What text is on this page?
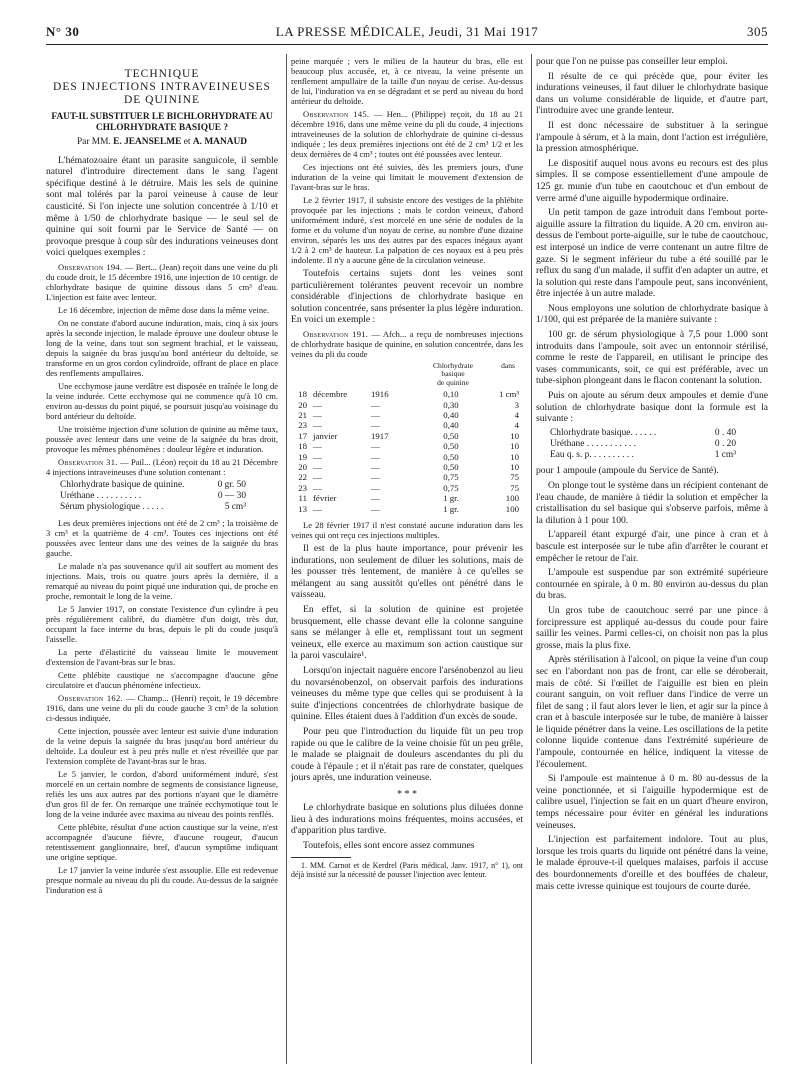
N° 30	LA PRESSE MÉDICALE, Jeudi, 31 Mai 1917	305
TECHNIQUE
DES INJECTIONS INTRAVEINEUSES
DE QUININE
FAUT-IL SUBSTITUER LE BICHLORHYDRATE AU CHLORHYDRATE BASIQUE ?
Par MM. E. JEANSELME et A. MANAUD

L'hématozoaire étant un parasite sanguicole, il semble naturel d'introduire directement dans le sang l'agent spécifique destiné à le détruire. Mais les sels de quinine sont mal tolérés par la paroi veineuse à cause de leur causticité. Si l'on injecte une solution concentrée à 1/10 et même à 1/50 de chlorhydrate basique — le seul sel de quinine qui soit fourni par le Service de Santé — on provoque presque à coup sûr des indurations veineuses dont voici quelques exemples :

Observation 194. — Bert... (Jean) reçoit dans une veine du pli du coude droit, le 15 décembre 1916, une injection de 10 centigr. de chlorhydrate basique de quinine dissous dans 5 cm³ d'eau. L'injection est faite avec lenteur.

Le 16 décembre, injection de même dose dans la même veine.

On ne constate d'abord aucune induration, mais, cinq à six jours après la seconde injection, le malade éprouve une douleur obtuse le long de la veine, dans tout son segment brachial, et le vaisseau, depuis la saignée du bras jusqu'au bord antérieur du deltoïde, se transforme en un gros cordon cylindroïde, offrant de place en place des renflements ampullaires.

Une ecchymose jaune verdâtre est disposée en traînée le long de la veine indurée. Cette ecchymose qui ne commence qu'à 10 cm. environ au-dessus du point piqué, se poursuit jusqu'au voisinage du bord antérieur du deltoïde.

Une troisième injection d'une solution de quinine au même taux, poussée avec lenteur dans une veine de la saignée du bras droit, provoque les mêmes phénomènes : douleur légère et induration.

Observation 31. — Pail... (Léon) reçoit du 18 au 21 Décembre 4 injections intraveineuses d'une solution contenant :

Chlorhydrate basique de quinine.	0 gr. 50
Uréthane . . . . . . . . . .	0 — 30
Sérum physiologique . . . . .	5 cm³

Les deux premières injections ont été de 2 cm³ ; la troisième de 3 cm³ et la quatrième de 4 cm³. Toutes ces injections ont été poussées avec lenteur dans une des veines de la saignée du bras gauche.

Le malade n'a pas souvenance qu'il ait souffert au moment des injections. Mais, trois ou quatre jours après la dernière, il a remarqué au niveau du point piqué une induration qui, de proche en proche, remontait le long de la veine.

Le 5 Janvier 1917, on constate l'existence d'un cylindre à peu près régulièrement calibré, du diamètre d'un doigt, très dur, occupant la face interne du bras, depuis le pli du coude jusqu'à l'aisselle.

La perte d'élasticité du vaisseau limite le mouvement d'extension de l'avant-bras sur le bras.

Cette phlébite caustique ne s'accompagne d'aucune gêne circulatoire et d'aucun phénomène infectieux.

Observation 162. — Champ... (Henri) reçoit, le 19 décembre 1916, dans une veine du pli du coude gauche 3 cm³ de la solution ci-dessus indiquée.

Cette injection, poussée avec lenteur est suivie d'une induration de la veine depuis la saignée du bras jusqu'au bord antérieur du deltoïde. La douleur est à peu près nulle et n'est réveillée que par l'extension complète de l'avant-bras sur le bras.

Le 5 janvier, le cordon, d'abord uniformément induré, s'est morcelé en un certain nombre de segments de consistance ligneuse, reliés les uns aux autres par des portions n'ayant que le diamètre d'un gros fil de fer. On remarque une traînée ecchymotique tout le long de la veine indurée avec maxima au niveau des points renflés.

Cette phlébite, résultat d'une action caustique sur la veine, n'est accompagnée d'aucune fièvre, d'aucune rougeur, d'aucun retentissement ganglionnaire, bref, d'aucun symptôme indiquant une origine septique.

Le 17 janvier la veine indurée s'est assouplie. Elle est redevenue presque normale au niveau du pli du coude. Au-dessus de la saignée l'induration est à

peine marquée ; vers le milieu de la hauteur du bras, elle est beaucoup plus accusée, et, à ce niveau, la veine présente un renflement ampullaire de la taille d'un noyau de cerise. Au-dessus de lui, l'induration va en se dégradant et se perd au niveau du bord antérieur du deltoïde.

Observation 145. — Hen... (Philippe) reçoit, du 18 au 21 décembre 1916, dans une même veine du pli du coude, 4 injections intraveineuses de la solution de chlorhydrate de quinine ci-dessus indiquée ; les deux premières injections ont été de 2 cm³ 1/2 et les deux dernières de 4 cm³ ; toutes ont été poussées avec lenteur.

Ces injections ont été suivies, dès les premiers jours, d'une induration de la veine qui limitait le mouvement d'extension de l'avant-bras sur le bras.

Le 2 février 1917, il subsiste encore des vestiges de la phlébite provoquée par les injections ; mais le cordon veineux, d'abord uniformément induré, s'est morcelé en une série de nodules de la forme et du volume d'un noyau de cerise, au nombre d'une dizaine environ, séparés les uns des autres par des espaces inégaux ayant 1/2 à 2 cm³ de hauteur. La palpation de ces noyaux est à peu près indolente. Il n'y a aucune gêne de la circulation veineuse.

Toutefois certains sujets dont les veines sont particulièrement tolérantes peuvent recevoir un nombre considérable d'injections de chlorhydrate basique en solution concentrée, sans présenter la plus légère induration. En voici un exemple :

Observation 191. — Afch... a reçu de nombreuses injections de chlorhydrate basique de quinine, en solution concentrée, dans les veines du pli du coude

Chlorhydrate basique
de quinine
dans
18 décembre	1916	0,10	1 cm³
20 —	—	0,30	3
21 —	—	0,40	4
23 —	—	0,40	4
17 janvier	1917	0,50	10
18 —	—	0,50	10
19 —	—	0,50	10
20 —	—	0,50	10
22 —	—	0,75	75
23 —	—	0,75	75
11 février	—	1 gr.	100
13 —	—	1 gr.	100

Le 28 février 1917 il n'est constaté aucune induration dans les veines qui ont reçu ces injections multiples.

Il est de la plus haute importance, pour prévenir les indurations, non seulement de diluer les solutions, mais de les pousser très lentement, de manière à ce qu'elles se mélangent au sang aussitôt qu'elles ont pénétré dans le vaisseau.

En effet, si la solution de quinine est projetée brusquement, elle chasse devant elle la colonne sanguine sans se mélanger à elle et, remplissant tout un segment veineux, elle exerce au maximum son action caustique sur la paroi vasculaire¹.

Lorsqu'on injectait naguère encore l'arsénobenzol au lieu du novarsénobenzol, on observait parfois des indurations veineuses du même type que celles qui se produisent à la suite d'injections concentrées de chlorhydrate basique de quinine. Elles étaient dues à l'addition d'un excès de soude.

Pour peu que l'introduction du liquide fût un peu trop rapide ou que le calibre de la veine choisie fût un peu grêle, le malade se plaignait de douleurs ascendantes du pli du coude à l'épaule ; et il n'était pas rare de constater, quelques jours après, une induration veineuse.

* * *

Le chlorhydrate basique en solutions plus diluées donne lieu à des indurations moins fréquentes, moins accusées, et d'apparition plus tardive.

Toutefois, elles sont encore assez communes

1. MM. Carnot et de Kerdrel (Paris médical, Janv. 1917, n° 1), ont déjà insisté sur la nécessité de pousser l'injection avec lenteur.

pour que l'on ne puisse pas conseiller leur emploi.

Il résulte de ce qui précède que, pour éviter les indurations veineuses, il faut diluer le chlorhydrate basique dans un volume considérable de liquide, et d'autre part, l'introduire avec une grande lenteur.

Il est donc nécessaire de substituer à la seringue l'ampoule à sérum, et à la main, dont l'action est irrégulière, la pression atmosphérique.

Le dispositif auquel nous avons eu recours est des plus simples. Il se compose essentiellement d'une ampoule de 125 gr. munie d'un tube en caoutchouc et d'un embout de verre armé d'une aiguille hypodermique ordinaire.

Un petit tampon de gaze introduit dans l'embout porte-aiguille assure la filtration du liquide. A 20 cm. environ au-dessus de l'embout porte-aiguille, sur le tube de caoutchouc, est interposé un indice de verre contenant un autre filtre de gaze. Si le segment inférieur du tube a été souillé par le reflux du sang d'un malade, il suffit d'en adapter un autre, et la solution qui reste dans l'ampoule peut, sans inconvénient, être injectée à un autre malade.

Nous employons une solution de chlorhydrate basique à 1/100, qui est préparée de la manière suivante :

100 gr. de sérum physiologique à 7,5 pour 1.000 sont introduits dans l'ampoule, soit avec un entonnoir stérilisé, comme le reste de l'appareil, en utilisant le principe des vases communicants, soit, ce qui est préférable, avec un tube-siphon plongeant dans le flacon contenant la solution.

Puis on ajoute au sérum deux ampoules et demie d'une solution de chlorhydrate basique dont la formule est la suivante :

Chlorhydrate basique. . . . . .	0 . 40
Uréthane . . . . . . . . . . .	0 . 20
Eau q. s. p. . . . . . . . . .	1 cm³

pour 1 ampoule (ampoule du Service de Santé).

On plonge tout le système dans un récipient contenant de l'eau chaude, de manière à tiédir la solution et empêcher la cristallisation du sel basique qui s'observe parfois, même à la dilution à 1 pour 100.

L'appareil étant expurgé d'air, une pince à cran et à bascule est interposée sur le tube afin d'arrêter le courant et empêcher le retour de l'air.

L'ampoule est suspendue par son extrémité supérieure contournée en spirale, à 0 m. 80 environ au-dessus du plan du bras.

Un gros tube de caoutchouc serré par une pince à forcipressure est appliqué au-dessus du coude pour faire saillir les veines. Parmi celles-ci, on choisit non pas la plus grosse, mais la plus fixe.

Après stérilisation à l'alcool, on pique la veine d'un coup sec en l'abordant non pas de front, car elle se déroberait, mais de côté. Si l'œillet de l'aiguille est bien en plein courant sanguin, on voit refluer dans l'indice de verre un filet de sang ; il faut alors lever le lien, et agir sur la pince à cran et à bascule interposée sur le tube, de manière à laisser le liquide pénétrer dans la veine. Les oscillations de la petite colonne liquide contenue dans l'extrémité supérieure de l'ampoule, contournée en hélice, indiquent la vitesse de l'écoulement.

Si l'ampoule est maintenue à 0 m. 80 au-dessus de la veine ponctionnée, et si l'aiguille hypodermique est de calibre usuel, l'injection se fait en un quart d'heure environ, temps nécessaire pour éviter en général les indurations veineuses.

L'injection est parfaitement indolore. Tout au plus, lorsque les trois quarts du liquide ont pénétré dans la veine, le malade éprouve-t-il quelques malaises, parfois il accuse des bourdonnements d'oreille et des bouffées de chaleur, mais cette ivresse quinique est toujours de courte durée.
